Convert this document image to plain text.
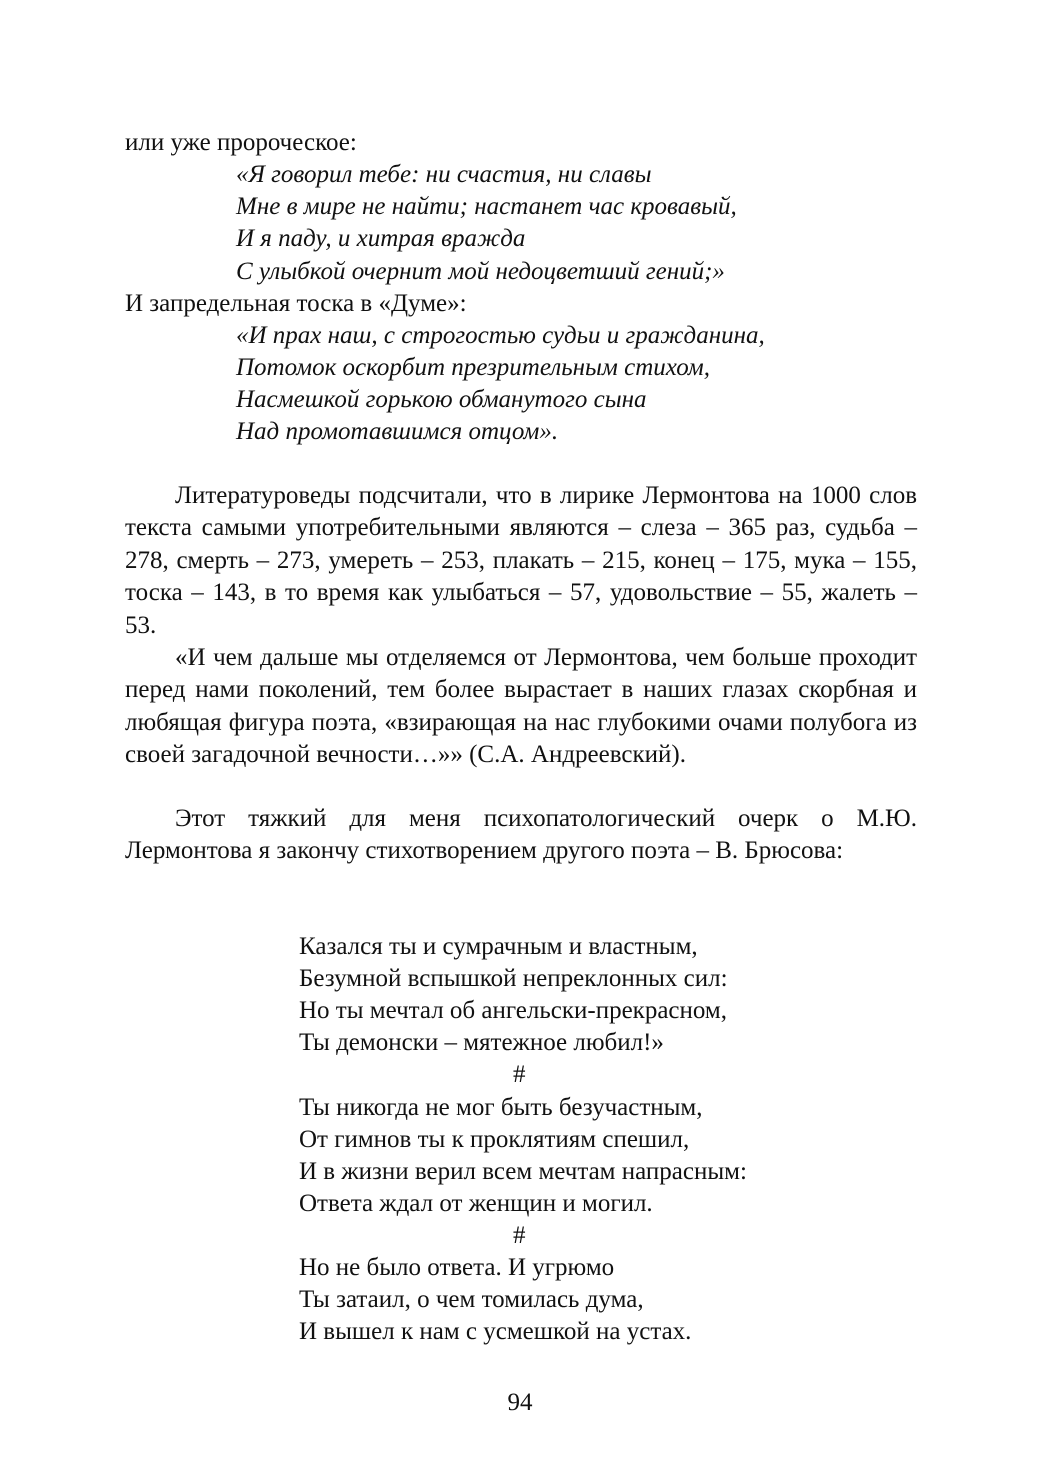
или уже пророческое:
«Я говорил тебе: ни счастия, ни славы
Мне в мире не найти; настанет час кровавый,
И я паду, и хитрая вражда
С улыбкой очернит мой недоцветший гений;»
И запредельная тоска в «Думе»:
«И прах наш, с строгостью судьи и гражданина,
Потомок оскорбит презрительным стихом,
Насмешкой горькою обманутого сына
Над промотавшимся отцом».

Литературоведы подсчитали, что в лирике Лермонтова на 1000 слов текста самыми употребительными являются – слеза – 365 раз, судьба – 278, смерть – 273, умереть – 253, плакать – 215, конец – 175, мука – 155, тоска – 143, в то время как улыбаться – 57, удовольствие – 55, жалеть – 53.

«И чем дальше мы отделяемся от Лермонтова, чем больше проходит перед нами поколений, тем более вырастает в наших глазах скорбная и любящая фигура поэта, «взирающая на нас глубокими очами полубога из своей загадочной вечности…»» (С.А. Андреевский).

Этот тяжкий для меня психопатологический очерк о М.Ю. Лермонтова я закончу стихотворением другого поэта – В. Брюсова:

Казался ты и сумрачным и властным,
Безумной вспышкой непреклонных сил:
Но ты мечтал об ангельски-прекрасном,
Ты демонски – мятежное любил!»
#
Ты никогда не мог быть безучастным,
От гимнов ты к проклятиям спешил,
И в жизни верил всем мечтам напрасным:
Ответа ждал от женщин и могил.
#
Но не было ответа. И угрюмо
Ты затаил, о чем томилась дума,
И вышел к нам с усмешкой на устах.
94
